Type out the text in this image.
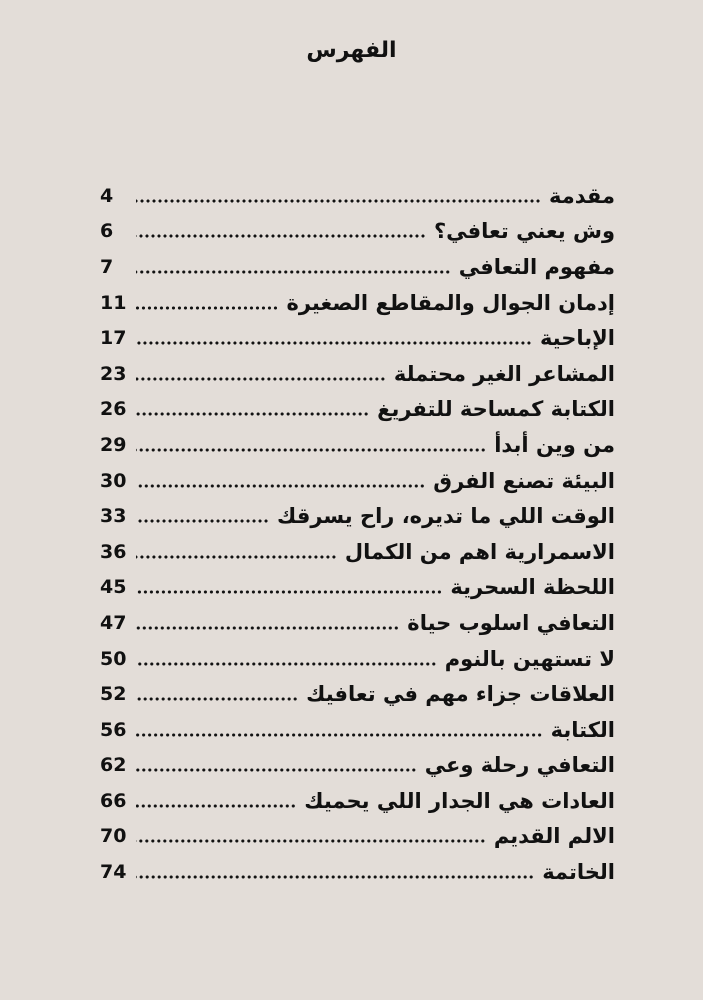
الفهرس
مقدمة
4
وش يعني تعافي؟
6
مفهوم التعافي
7
إدمان الجوال والمقاطع الصغيرة
11
الإباحية
17
المشاعر الغير محتملة
23
الكتابة كمساحة للتفريغ
26
من وين أبدأ
29
البيئة تصنع الفرق
30
الوقت اللي ما تديره، راح يسرقك
33
الاسمرارية اهم من الكمال
36
اللحظة السحرية
45
التعافي اسلوب حياة
47
لا تستهين بالنوم
50
العلاقات جزاء مهم في تعافيك
52
الكتابة
56
التعافي رحلة وعي
62
العادات هي الجدار اللي يحميك
66
الالم القديم
70
الخاتمة
74
